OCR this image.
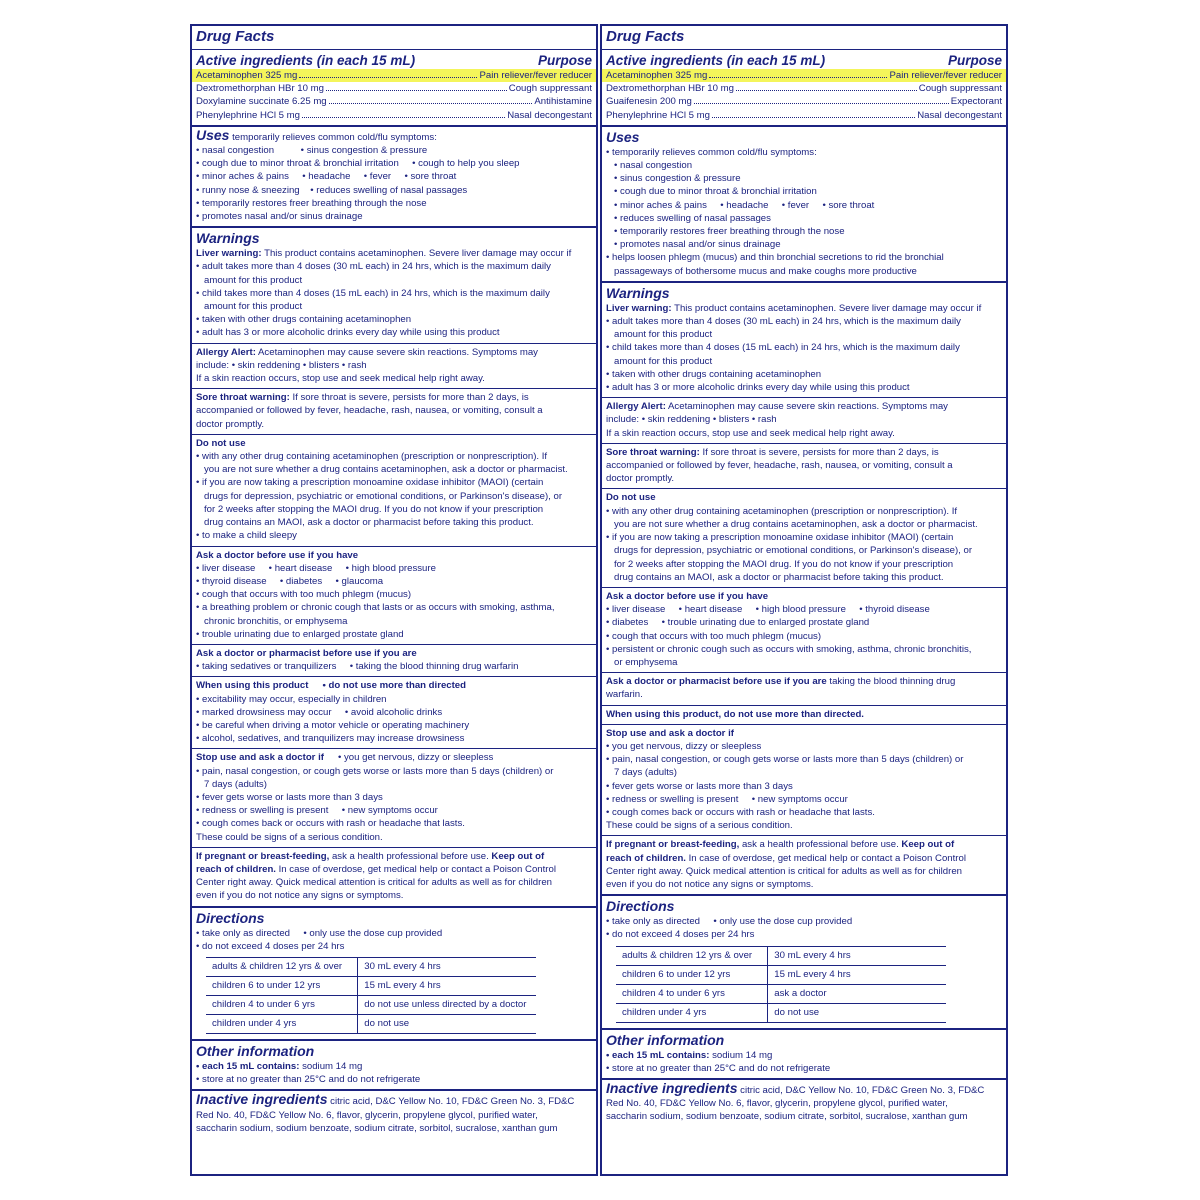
Drug Facts
Active ingredients (in each 15 mL)	Purpose
Acetaminophen 325 mg	Pain reliever/fever reducer
Dextromethorphan HBr 10 mg	Cough suppressant
Doxylamine succinate 6.25 mg	Antihistamine
Phenylephrine HCl 5 mg	Nasal decongestant
Uses temporarily relieves common cold/flu symptoms:
• nasal congestion          • sinus congestion & pressure
• cough due to minor throat & bronchial irritation     • cough to help you sleep
• minor aches & pains     • headache     • fever     • sore throat
• runny nose & sneezing    • reduces swelling of nasal passages
• temporarily restores freer breathing through the nose
• promotes nasal and/or sinus drainage
Warnings
Liver warning: This product contains acetaminophen. Severe liver damage may occur if
• adult takes more than 4 doses (30 mL each) in 24 hrs, which is the maximum daily
amount for this product
• child takes more than 4 doses (15 mL each) in 24 hrs, which is the maximum daily
amount for this product
• taken with other drugs containing acetaminophen
• adult has 3 or more alcoholic drinks every day while using this product
Allergy Alert: Acetaminophen may cause severe skin reactions. Symptoms may
include: • skin reddening • blisters • rash
If a skin reaction occurs, stop use and seek medical help right away.
Sore throat warning: If sore throat is severe, persists for more than 2 days, is
accompanied or followed by fever, headache, rash, nausea, or vomiting, consult a
doctor promptly.
Do not use
• with any other drug containing acetaminophen (prescription or nonprescription). If
you are not sure whether a drug contains acetaminophen, ask a doctor or pharmacist.
• if you are now taking a prescription monoamine oxidase inhibitor (MAOI) (certain
drugs for depression, psychiatric or emotional conditions, or Parkinson's disease), or
for 2 weeks after stopping the MAOI drug. If you do not know if your prescription
drug contains an MAOI, ask a doctor or pharmacist before taking this product.
• to make a child sleepy
Ask a doctor before use if you have
• liver disease     • heart disease     • high blood pressure
• thyroid disease     • diabetes     • glaucoma
• cough that occurs with too much phlegm (mucus)
• a breathing problem or chronic cough that lasts or as occurs with smoking, asthma,
chronic bronchitis, or emphysema
• trouble urinating due to enlarged prostate gland
Ask a doctor or pharmacist before use if you are
• taking sedatives or tranquilizers     • taking the blood thinning drug warfarin
When using this product • do not use more than directed
• excitability may occur, especially in children
• marked drowsiness may occur     • avoid alcoholic drinks
• be careful when driving a motor vehicle or operating machinery
• alcohol, sedatives, and tranquilizers may increase drowsiness
Stop use and ask a doctor if • you get nervous, dizzy or sleepless
• pain, nasal congestion, or cough gets worse or lasts more than 5 days (children) or
7 days (adults)
• fever gets worse or lasts more than 3 days
• redness or swelling is present     • new symptoms occur
• cough comes back or occurs with rash or headache that lasts.
These could be signs of a serious condition.
If pregnant or breast-feeding, ask a health professional before use. Keep out of
reach of children. In case of overdose, get medical help or contact a Poison Control
Center right away. Quick medical attention is critical for adults as well as for children
even if you do not notice any signs or symptoms.
Directions
• take only as directed     • only use the dose cup provided
• do not exceed 4 doses per 24 hrs
adults & children 12 yrs & over	30 mL every 4 hrs
children 6 to under 12 yrs	15 mL every 4 hrs
children 4 to under 6 yrs	do not use unless directed by a doctor
children under 4 yrs	do not use
Other information
• each 15 mL contains: sodium 14 mg
• store at no greater than 25°C and do not refrigerate
Inactive ingredients citric acid, D&C Yellow No. 10, FD&C Green No. 3, FD&C
Red No. 40, FD&C Yellow No. 6, flavor, glycerin, propylene glycol, purified water,
saccharin sodium, sodium benzoate, sodium citrate, sorbitol, sucralose, xanthan gum
Drug Facts
Active ingredients (in each 15 mL)	Purpose
Acetaminophen 325 mg	Pain reliever/fever reducer
Dextromethorphan HBr 10 mg	Cough suppressant
Guaifenesin 200 mg	Expectorant
Phenylephrine HCl 5 mg	Nasal decongestant
Uses
• temporarily relieves common cold/flu symptoms:
• nasal congestion
• sinus congestion & pressure
• cough due to minor throat & bronchial irritation
• minor aches & pains     • headache     • fever     • sore throat
• reduces swelling of nasal passages
• temporarily restores freer breathing through the nose
• promotes nasal and/or sinus drainage
• helps loosen phlegm (mucus) and thin bronchial secretions to rid the bronchial
passageways of bothersome mucus and make coughs more productive
Warnings
Liver warning: This product contains acetaminophen. Severe liver damage may occur if
• adult takes more than 4 doses (30 mL each) in 24 hrs, which is the maximum daily
amount for this product
• child takes more than 4 doses (15 mL each) in 24 hrs, which is the maximum daily
amount for this product
• taken with other drugs containing acetaminophen
• adult has 3 or more alcoholic drinks every day while using this product
Allergy Alert: Acetaminophen may cause severe skin reactions. Symptoms may
include: • skin reddening • blisters • rash
If a skin reaction occurs, stop use and seek medical help right away.
Sore throat warning: If sore throat is severe, persists for more than 2 days, is
accompanied or followed by fever, headache, rash, nausea, or vomiting, consult a
doctor promptly.
Do not use
• with any other drug containing acetaminophen (prescription or nonprescription). If
you are not sure whether a drug contains acetaminophen, ask a doctor or pharmacist.
• if you are now taking a prescription monoamine oxidase inhibitor (MAOI) (certain
drugs for depression, psychiatric or emotional conditions, or Parkinson's disease), or
for 2 weeks after stopping the MAOI drug. If you do not know if your prescription
drug contains an MAOI, ask a doctor or pharmacist before taking this product.
Ask a doctor before use if you have
• liver disease     • heart disease     • high blood pressure     • thyroid disease
• diabetes     • trouble urinating due to enlarged prostate gland
• cough that occurs with too much phlegm (mucus)
• persistent or chronic cough such as occurs with smoking, asthma, chronic bronchitis,
or emphysema
Ask a doctor or pharmacist before use if you are taking the blood thinning drug
warfarin.
When using this product, do not use more than directed.
Stop use and ask a doctor if
• you get nervous, dizzy or sleepless
• pain, nasal congestion, or cough gets worse or lasts more than 5 days (children) or
7 days (adults)
• fever gets worse or lasts more than 3 days
• redness or swelling is present     • new symptoms occur
• cough comes back or occurs with rash or headache that lasts.
These could be signs of a serious condition.
If pregnant or breast-feeding, ask a health professional before use. Keep out of
reach of children. In case of overdose, get medical help or contact a Poison Control
Center right away. Quick medical attention is critical for adults as well as for children
even if you do not notice any signs or symptoms.
Directions
• take only as directed     • only use the dose cup provided
• do not exceed 4 doses per 24 hrs
adults & children 12 yrs & over	30 mL every 4 hrs
children 6 to under 12 yrs	15 mL every 4 hrs
children 4 to under 6 yrs	ask a doctor
children under 4 yrs	do not use
Other information
• each 15 mL contains: sodium 14 mg
• store at no greater than 25°C and do not refrigerate
Inactive ingredients citric acid, D&C Yellow No. 10, FD&C Green No. 3, FD&C
Red No. 40, FD&C Yellow No. 6, flavor, glycerin, propylene glycol, purified water,
saccharin sodium, sodium benzoate, sodium citrate, sorbitol, sucralose, xanthan gum
